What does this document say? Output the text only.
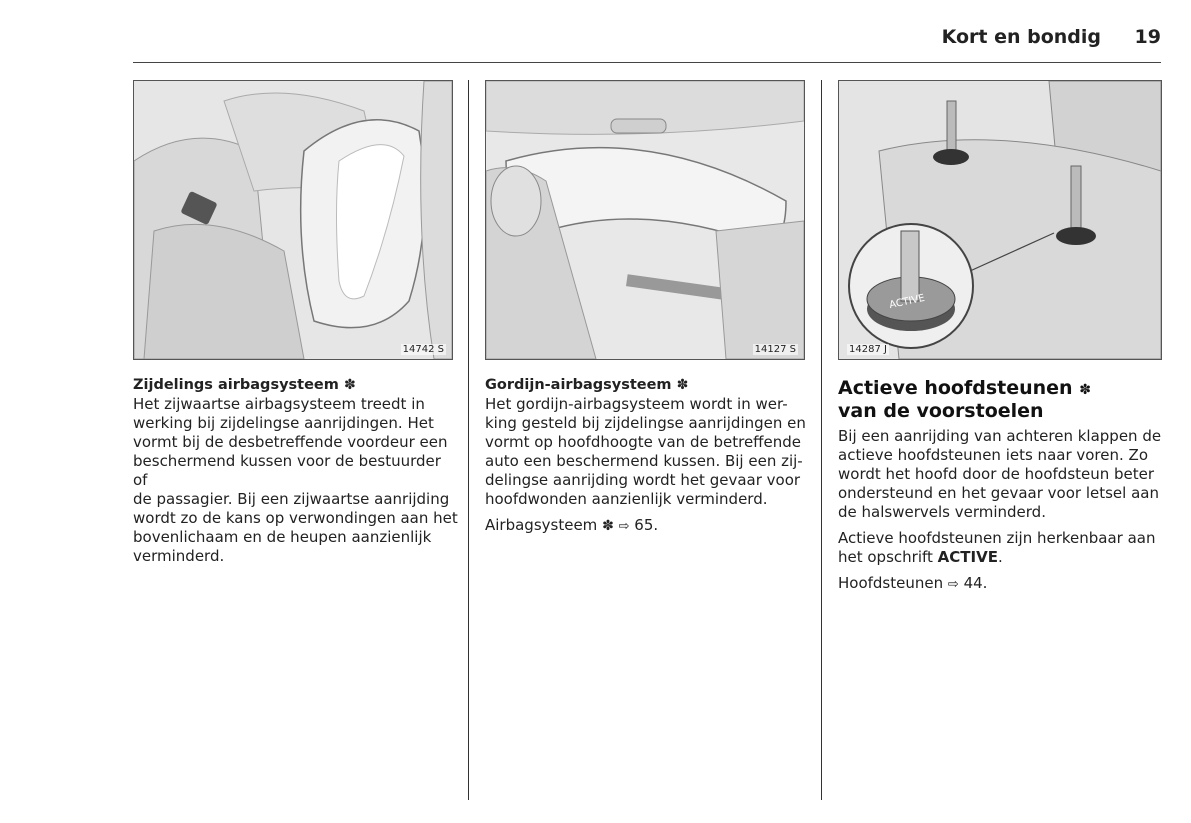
Kort en bondig 19
14742 S	14127 S
ACTIVE
14287 J
Zijdelings airbagsysteem ✽
Het zijwaartse airbagsysteem treedt in
werking bij zijdelingse aanrijdingen. Het
vormt bij de desbetreffende voordeur een
beschermend kussen voor de bestuurder of
de passagier. Bij een zijwaartse aanrijding
wordt zo de kans op verwondingen aan het
bovenlichaam en de heupen aanzienlijk
verminderd.
Gordijn-airbagsysteem ✽
Het gordijn-airbagsysteem wordt in wer-
king gesteld bij zijdelingse aanrijdingen en
vormt op hoofdhoogte van de betreffende
auto een beschermend kussen. Bij een zij-
delingse aanrijding wordt het gevaar voor
hoofdwonden aanzienlijk verminderd.
Airbagsysteem ✽ ⇨ 65.
Actieve hoofdsteunen ✽
van de voorstoelen
Bij een aanrijding van achteren klappen de
actieve hoofdsteunen iets naar voren. Zo
wordt het hoofd door de hoofdsteun beter
ondersteund en het gevaar voor letsel aan
de halswervels verminderd.
Actieve hoofdsteunen zijn herkenbaar aan
het opschrift ACTIVE.
Hoofdsteunen ⇨ 44.
